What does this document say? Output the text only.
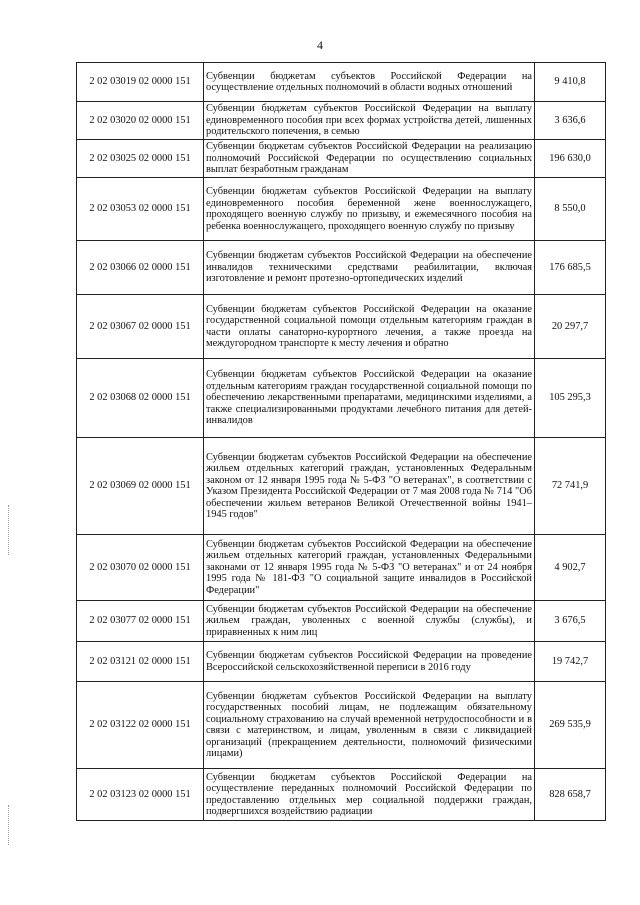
4
2 02 03019 02 0000 151	Субвенции бюджетам субъектов Российской Федерации на осуществление отдельных полномочий в области водных отношений	9 410,8
2 02 03020 02 0000 151	Субвенции бюджетам субъектов Российской Федерации на выплату единовременного пособия при всех формах устройства детей, лишенных родительского попечения, в семью	3 636,6
2 02 03025 02 0000 151	Субвенции бюджетам субъектов Российской Федерации на реализацию полномочий Российской Федерации по осуществлению социальных выплат безработным гражданам	196 630,0
2 02 03053 02 0000 151	Субвенции бюджетам субъектов Российской Федерации на выплату единовременного пособия беременной жене военнослужащего, проходящего военную службу по призыву, и ежемесячного пособия на ребенка военнослужащего, проходящего военную службу по призыву	8 550,0
2 02 03066 02 0000 151	Субвенции бюджетам субъектов Российской Федерации на обеспечение инвалидов техническими средствами реабилитации, включая изготовление и ремонт протезно-ортопедических изделий	176 685,5
2 02 03067 02 0000 151	Субвенции бюджетам субъектов Российской Федерации на оказание государственной социальной помощи отдельным категориям граждан в части оплаты санаторно-курортного лечения, а также проезда на междугородном транспорте к месту лечения и обратно	20 297,7
2 02 03068 02 0000 151	Субвенции бюджетам субъектов Российской Федерации на оказание отдельным категориям граждан государственной социальной помощи по обеспечению лекарственными препаратами, медицинскими изделиями, а также специализированными продуктами лечебного питания для детей-инвалидов	105 295,3
2 02 03069 02 0000 151	Субвенции бюджетам субъектов Российской Федерации на обеспечение жильем отдельных категорий граждан, установленных Федеральным законом от 12 января 1995 года № 5-ФЗ "О ветеранах", в соответствии с Указом Президента Российской Федерации от 7 мая 2008 года № 714 "Об обеспечении жильем ветеранов Великой Отечественной войны 1941–1945 годов"	72 741,9
2 02 03070 02 0000 151	Субвенции бюджетам субъектов Российской Федерации на обеспечение жильем отдельных категорий граждан, установленных Федеральными законами от 12 января 1995 года № 5-ФЗ "О ветеранах" и от 24 ноября 1995 года № 181-ФЗ "О социальной защите инвалидов в Российской Федерации"	4 902,7
2 02 03077 02 0000 151	Субвенции бюджетам субъектов Российской Федерации на обеспечение жильем граждан, уволенных с военной службы (службы), и приравненных к ним лиц	3 676,5
2 02 03121 02 0000 151	Субвенции бюджетам субъектов Российской Федерации на проведение Всероссийской сельскохозяйственной переписи в 2016 году	19 742,7
2 02 03122 02 0000 151	Субвенции бюджетам субъектов Российской Федерации на выплату государственных пособий лицам, не подлежащим обязательному социальному страхованию на случай временной нетрудоспособности и в связи с материнством, и лицам, уволенным в связи с ликвидацией организаций (прекращением деятельности, полномочий физическими лицами)	269 535,9
2 02 03123 02 0000 151	Субвенции бюджетам субъектов Российской Федерации на осуществление переданных полномочий Российской Федерации по предоставлению отдельных мер социальной поддержки граждан, подвергшихся воздействию радиации	828 658,7
